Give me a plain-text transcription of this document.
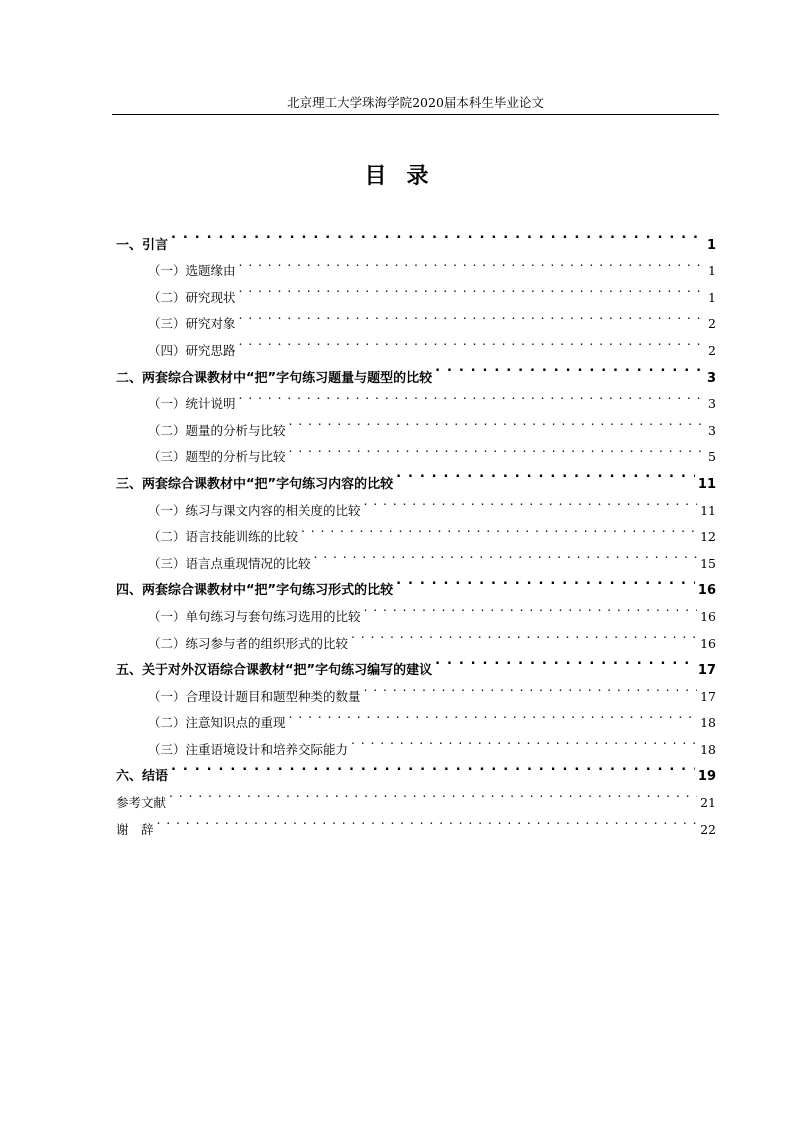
北京理工大学珠海学院2020届本科生毕业论文
目录
一、引言 . . .	1
（一）选题缘由 . . .	1
（二）研究现状 . . .	1
（三）研究对象 . . .	2
（四）研究思路 . . .	2
二、两套综合课教材中“把”字句练习题量与题型的比较 . . .	3
（一）统计说明 . . .	3
（二）题量的分析与比较 . . .	3
（三）题型的分析与比较 . . .	5
三、两套综合课教材中“把”字句练习内容的比较 . . .	11
（一）练习与课文内容的相关度的比较 . . .	11
（二）语言技能训练的比较 . . .	12
（三）语言点重现情况的比较 . . .	15
四、两套综合课教材中“把”字句练习形式的比较 . . .	16
（一）单句练习与套句练习选用的比较 . . .	16
（二）练习参与者的组织形式的比较 . . .	16
五、关于对外汉语综合课教材“把”字句练习编写的建议 . . .	17
（一）合理设计题目和题型种类的数量 . . .	17
（二）注意知识点的重现 . . .	18
（三）注重语境设计和培养交际能力 . . .	18
六、结语 . . .	19
参考文献 . . .	21
谢　辞 . . .	22
